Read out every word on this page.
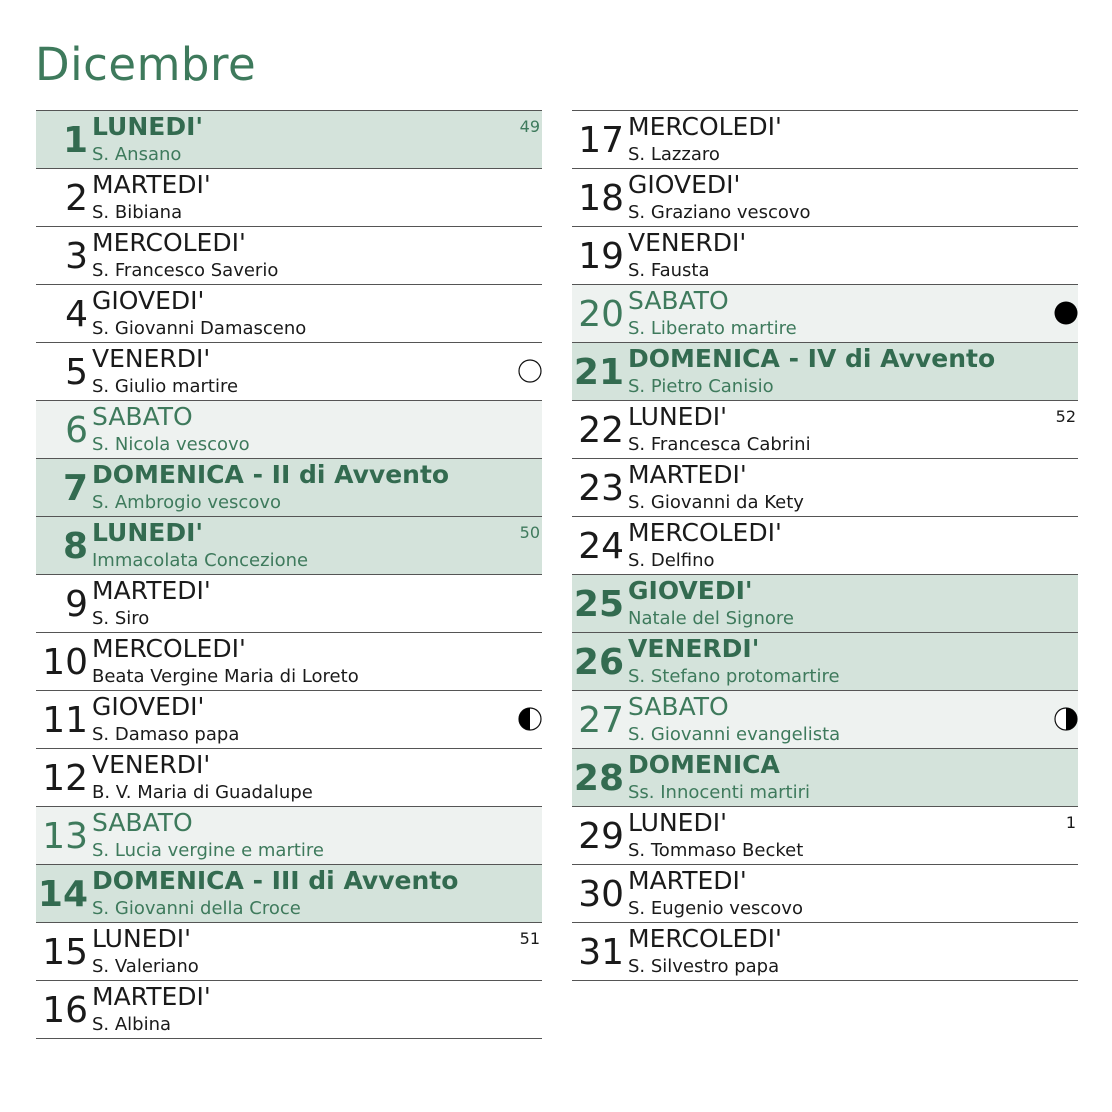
Dicembre
1 LUNEDI'
S. Ansano
49
2 MARTEDI'
S. Bibiana
3 MERCOLEDI'
S. Francesco Saverio
4 GIOVEDI'
S. Giovanni Damasceno
5 VENERDI'
S. Giulio martire
6 SABATO
S. Nicola vescovo
7 DOMENICA - II di Avvento
S. Ambrogio vescovo
8 LUNEDI'
Immacolata Concezione
50
9 MARTEDI'
S. Siro
10 MERCOLEDI'
Beata Vergine Maria di Loreto
11 GIOVEDI'
S. Damaso papa
12 VENERDI'
B. V. Maria di Guadalupe
13 SABATO
S. Lucia vergine e martire
14 DOMENICA - III di Avvento
S. Giovanni della Croce
15 LUNEDI'
S. Valeriano
51
16 MARTEDI'
S. Albina
17 MERCOLEDI'
S. Lazzaro
18 GIOVEDI'
S. Graziano vescovo
19 VENERDI'
S. Fausta
20 SABATO
S. Liberato martire
21 DOMENICA - IV di Avvento
S. Pietro Canisio
22 LUNEDI'
S. Francesca Cabrini
52
23 MARTEDI'
S. Giovanni da Kety
24 MERCOLEDI'
S. Delfino
25 GIOVEDI'
Natale del Signore
26 VENERDI'
S. Stefano protomartire
27 SABATO
S. Giovanni evangelista
28 DOMENICA
Ss. Innocenti martiri
29 LUNEDI'
S. Tommaso Becket
1
30 MARTEDI'
S. Eugenio vescovo
31 MERCOLEDI'
S. Silvestro papa
